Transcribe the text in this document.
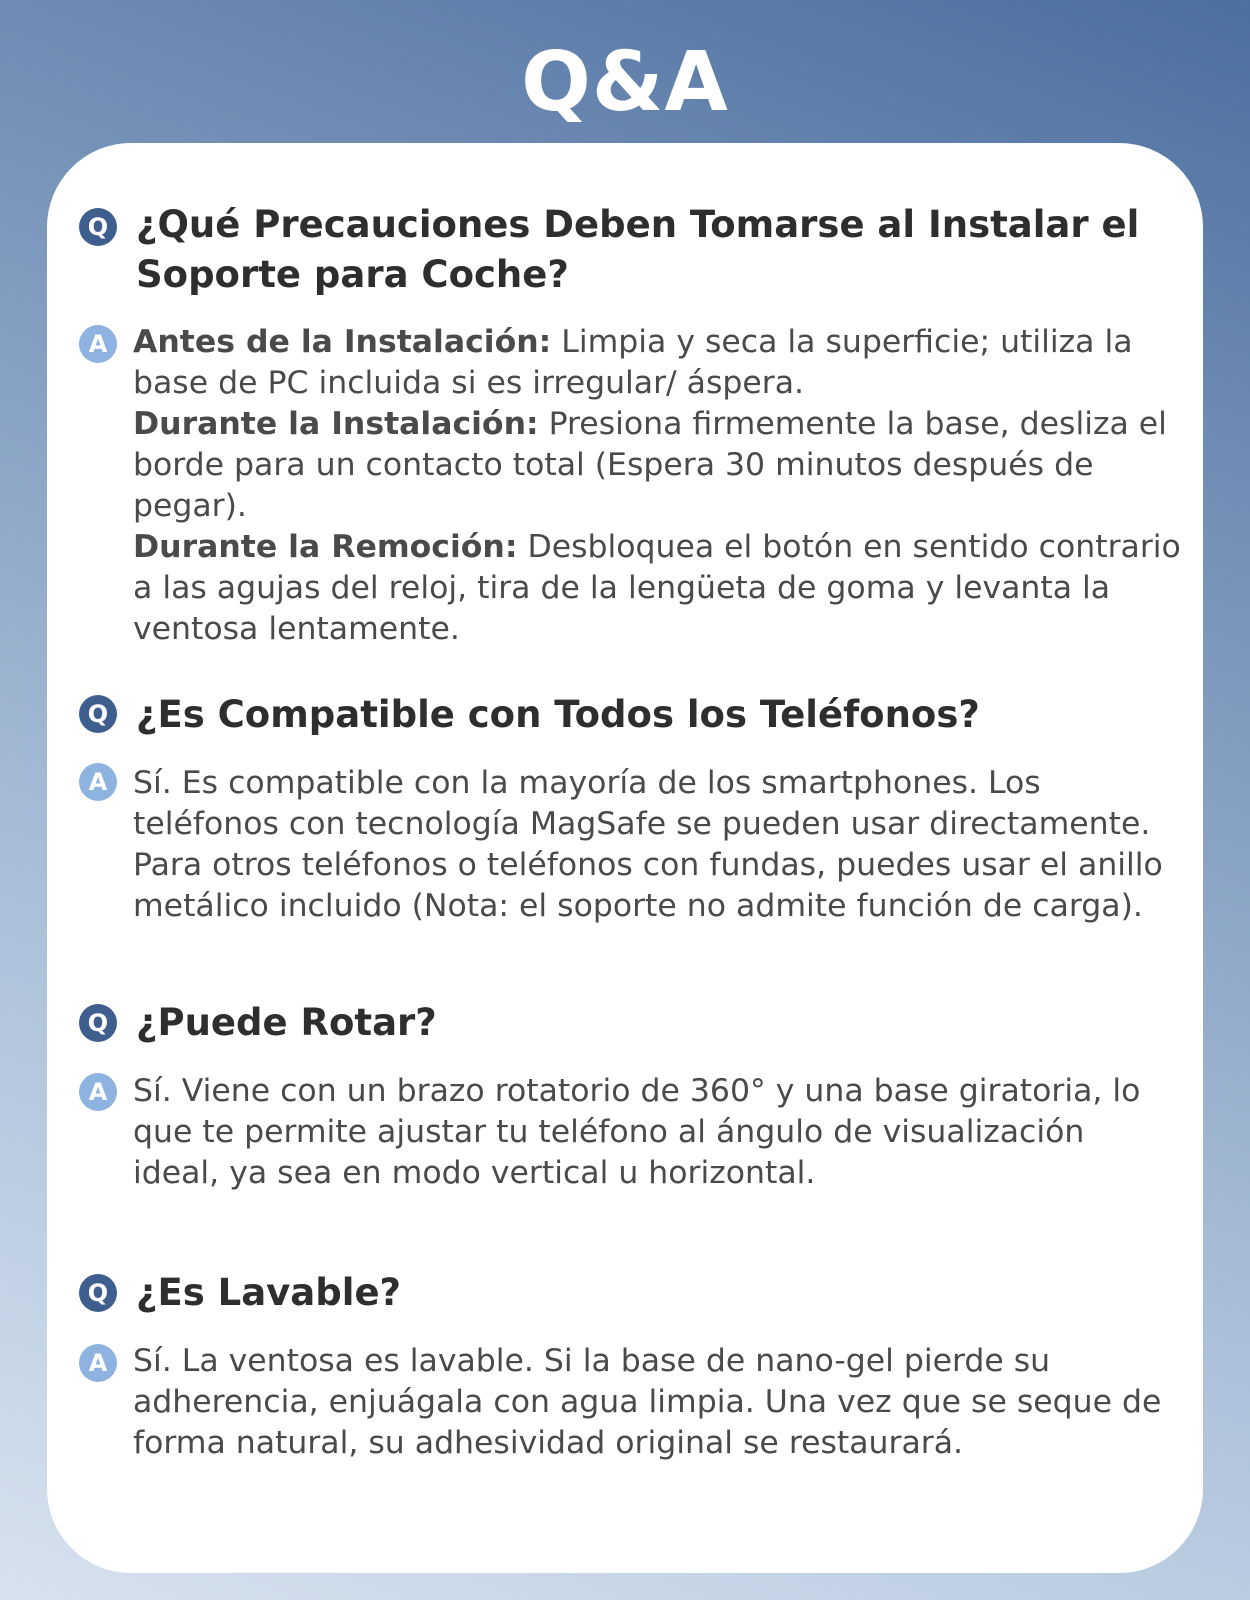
Q&A
Q ¿Qué Precauciones Deben Tomarse al Instalar el Soporte para Coche?
A Antes de la Instalación: Limpia y seca la superficie; utiliza la base de PC incluida si es irregular/ áspera.
Durante la Instalación: Presiona firmemente la base, desliza el borde para un contacto total (Espera 30 minutos después de pegar).
Durante la Remoción: Desbloquea el botón en sentido contrario a las agujas del reloj, tira de la lengüeta de goma y levanta la ventosa lentamente.
Q ¿Es Compatible con Todos los Teléfonos?
A Sí. Es compatible con la mayoría de los smartphones. Los teléfonos con tecnología MagSafe se pueden usar directamente. Para otros teléfonos o teléfonos con fundas, puedes usar el anillo metálico incluido (Nota: el soporte no admite función de carga).
Q ¿Puede Rotar?
A Sí. Viene con un brazo rotatorio de 360° y una base giratoria, lo que te permite ajustar tu teléfono al ángulo de visualización ideal, ya sea en modo vertical u horizontal.
Q ¿Es Lavable?
A Sí. La ventosa es lavable. Si la base de nano-gel pierde su adherencia, enjuágala con agua limpia. Una vez que se seque de forma natural, su adhesividad original se restaurará.
